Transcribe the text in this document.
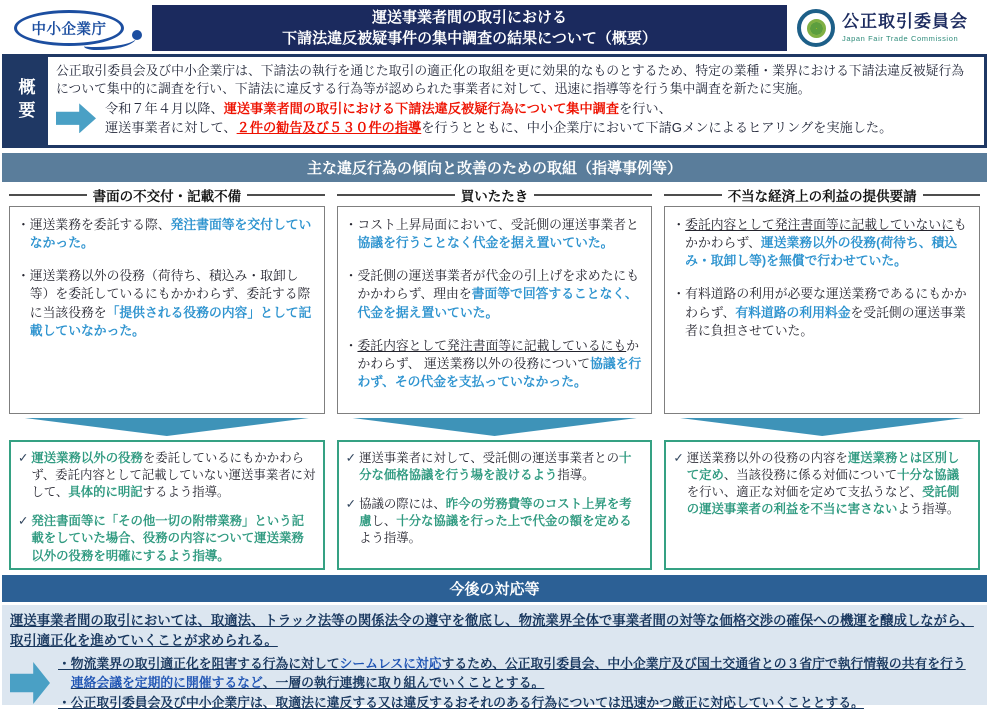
中小企業庁
運送事業者間の取引における
下請法違反被疑事件の集中調査の結果について（概要）
公正取引委員会
Japan Fair Trade Commission
概要
公正取引委員会及び中小企業庁は、下請法の執行を通じた取引の適正化の取組を更に効果的なものとするため、特定の業種・業界における下請法違反被疑行為について集中的に調査を行い、下請法に違反する行為等が認められた事業者に対して、迅速に指導等を行う集中調査を新たに実施。
令和７年４月以降、運送事業者間の取引における下請法違反被疑行為について集中調査を行い、
運送事業者に対して、２件の勧告及び５３０件の指導を行うとともに、中小企業庁において下請Gメンによるヒアリングを実施した。
主な違反行為の傾向と改善のための取組（指導事例等）
書面の不交付・記載不備
・運送業務を委託する際、発注書面等を交付していなかった。
・運送業務以外の役務（荷待ち、積込み・取卸し等）を委託しているにもかかわらず、委託する際に当該役務を「提供される役務の内容」として記載していなかった。
買いたたき
・コスト上昇局面において、受託側の運送事業者と協議を行うことなく代金を据え置いていた。
・受託側の運送事業者が代金の引上げを求めたにもかかわらず、理由を書面等で回答することなく、代金を据え置いていた。
・委託内容として発注書面等に記載しているにもかかわらず、 運送業務以外の役務について協議を行わず、その代金を支払っていなかった。
不当な経済上の利益の提供要請
・委託内容として発注書面等に記載していないにもかかわらず、運送業務以外の役務(荷待ち、積込み・取卸し等)を無償で行わせていた。
・有料道路の利用が必要な運送業務であるにもかかわらず、有料道路の利用料金を受託側の運送事業者に負担させていた。
✓ 運送業務以外の役務を委託しているにもかかわらず、委託内容として記載していない運送事業者に対して、具体的に明記するよう指導。
✓ 発注書面等に「その他一切の附帯業務」という記載をしていた場合、役務の内容について運送業務以外の役務を明確にするよう指導。
✓ 運送事業者に対して、受託側の運送事業者との十分な価格協議を行う場を設けるよう指導。
✓ 協議の際には、昨今の労務費等のコスト上昇を考慮し、十分な協議を行った上で代金の額を定めるよう指導。
✓ 運送業務以外の役務の内容を運送業務とは区別して定め、当該役務に係る対価について十分な協議を行い、適正な対価を定めて支払うなど、受託側の運送事業者の利益を不当に害さないよう指導。
今後の対応等
運送事業者間の取引においては、取適法、トラック法等の関係法令の遵守を徹底し、物流業界全体で事業者間の対等な価格交渉の確保への機運を醸成しながら、取引適正化を進めていくことが求められる。
・物流業界の取引適正化を阻害する行為に対してシームレスに対応するため、公正取引委員会、中小企業庁及び国土交通省との３省庁で執行情報の共有を行う連絡会議を定期的に開催するなど、一層の執行連携に取り組んでいくこととする。
・公正取引委員会及び中小企業庁は、取適法に違反する又は違反するおそれのある行為については迅速かつ厳正に対応していくこととする。
